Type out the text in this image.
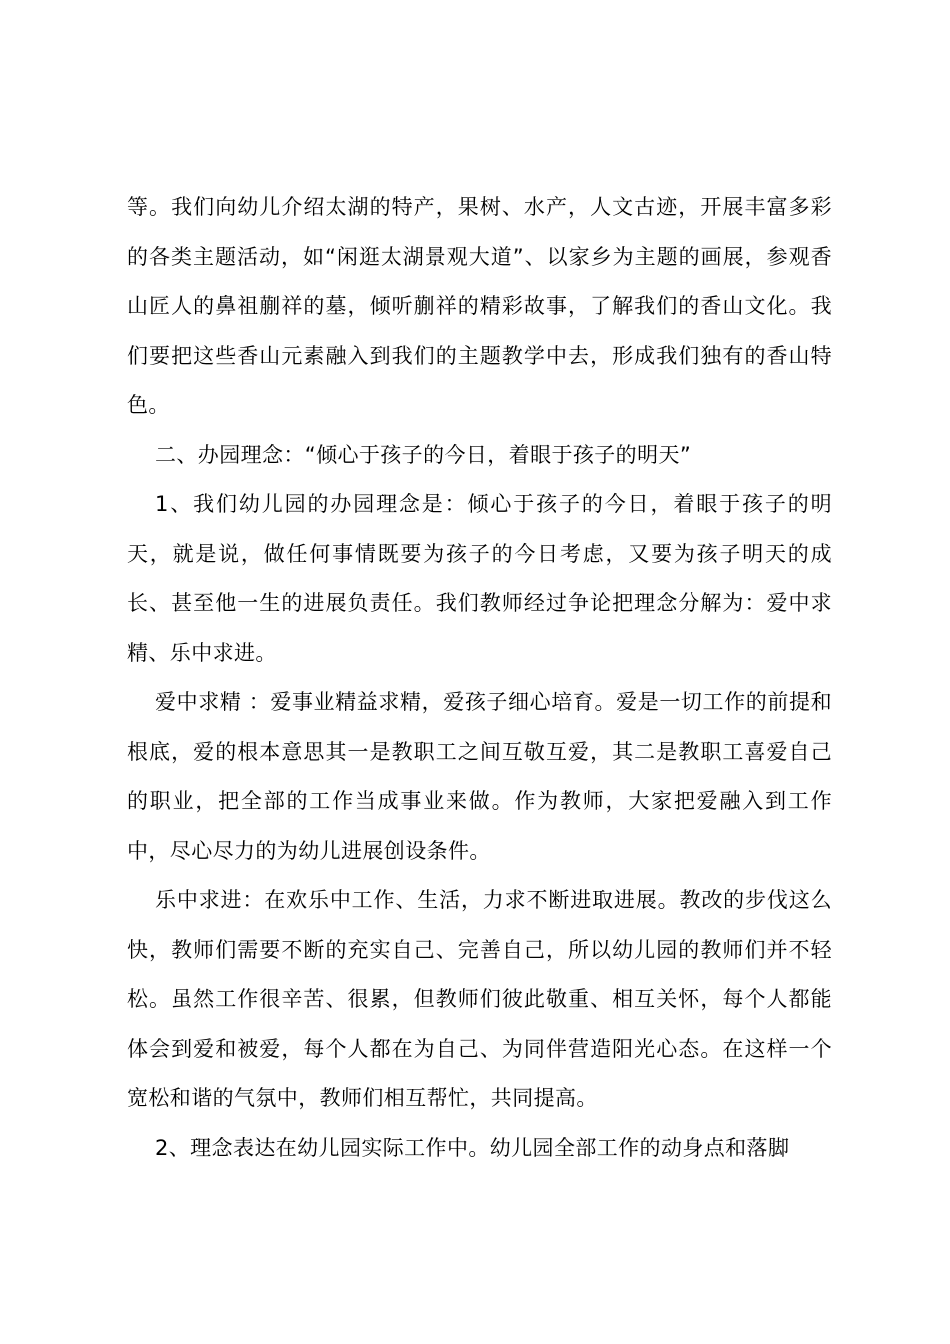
等。我们向幼儿介绍太湖的特产，果树、水产，人文古迹，开展丰富多彩的各类主题活动，如“闲逛太湖景观大道”、以家乡为主题的画展，参观香山匠人的鼻祖蒯祥的墓，倾听蒯祥的精彩故事，了解我们的香山文化。我们要把这些香山元素融入到我们的主题教学中去，形成我们独有的香山特色。

二、办园理念：“倾心于孩子的今日，着眼于孩子的明天”

1、我们幼儿园的办园理念是：倾心于孩子的今日，着眼于孩子的明天，就是说，做任何事情既要为孩子的今日考虑，又要为孩子明天的成长、甚至他一生的进展负责任。我们教师经过争论把理念分解为：爱中求精、乐中求进。

爱中求精 ：爱事业精益求精，爱孩子细心培育。爱是一切工作的前提和根底，爱的根本意思其一是教职工之间互敬互爱，其二是教职工喜爱自己的职业，把全部的工作当成事业来做。作为教师，大家把爱融入到工作中，尽心尽力的为幼儿进展创设条件。

乐中求进：在欢乐中工作、生活，力求不断进取进展。教改的步伐这么快，教师们需要不断的充实自己、完善自己，所以幼儿园的教师们并不轻松。虽然工作很辛苦、很累，但教师们彼此敬重、相互关怀，每个人都能体会到爱和被爱，每个人都在为自己、为同伴营造阳光心态。在这样一个宽松和谐的气氛中，教师们相互帮忙，共同提高。

2、理念表达在幼儿园实际工作中。幼儿园全部工作的动身点和落脚
